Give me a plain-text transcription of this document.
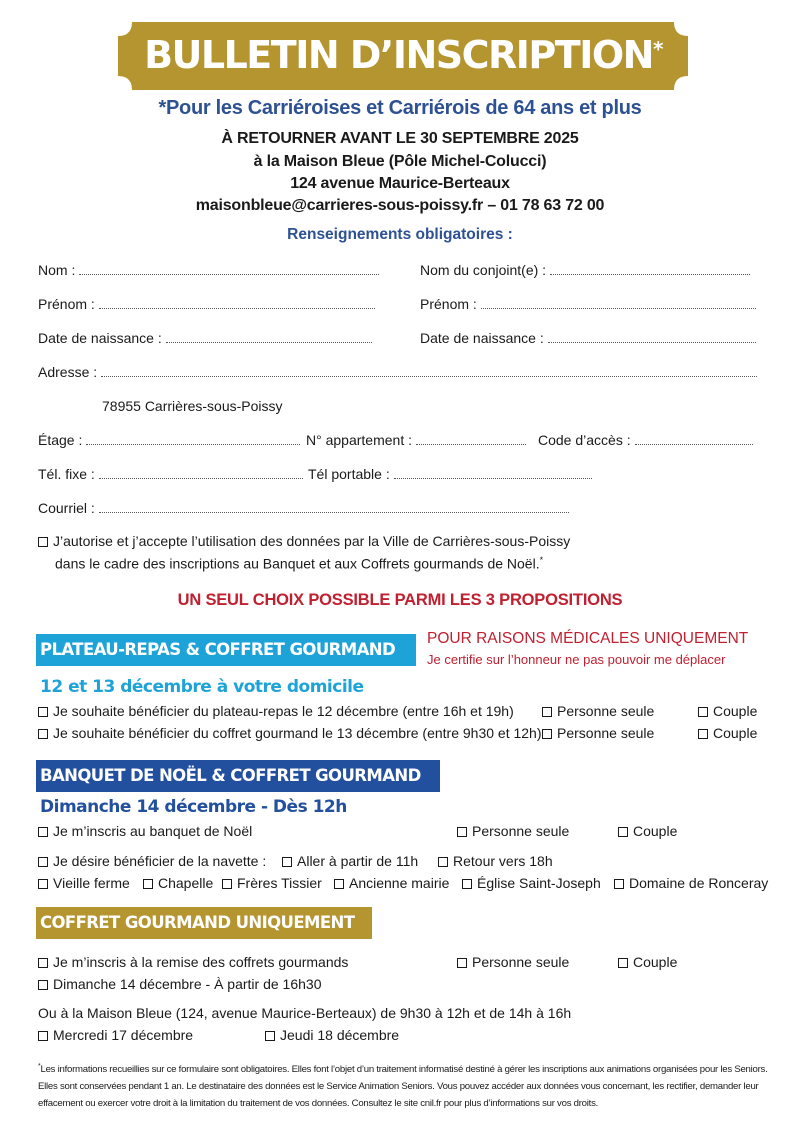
BULLETIN D’INSCRIPTION*
*Pour les Carriéroises et Carriérois de 64 ans et plus
À RETOURNER AVANT LE 30 SEPTEMBRE 2025
à la Maison Bleue (Pôle Michel-Colucci)
124 avenue Maurice-Berteaux
maisonbleue@carrieres-sous-poissy.fr – 01 78 63 72 00
Renseignements obligatoires :
Nom :	Nom du conjoint(e) :
Prénom :	Prénom :
Date de naissance :	Date de naissance :
Adresse :
78955 Carrières-sous-Poissy
Étage :	N° appartement :	Code d’accès :
Tél. fixe :	Tél portable :
Courriel :
J’autorise et j’accepte l’utilisation des données par la Ville de Carrières-sous-Poissy
dans le cadre des inscriptions au Banquet et aux Coffrets gourmands de Noël.*
UN SEUL CHOIX POSSIBLE PARMI LES 3 PROPOSITIONS
PLATEAU-REPAS & COFFRET GOURMAND
POUR RAISONS MÉDICALES UNIQUEMENT
Je certifie sur l’honneur ne pas pouvoir me déplacer
12 et 13 décembre à votre domicile
Je souhaite bénéficier du plateau-repas le 12 décembre (entre 16h et 19h)	Personne seule	Couple
Je souhaite bénéficier du coffret gourmand le 13 décembre (entre 9h30 et 12h)	Personne seule	Couple
BANQUET DE NOËL & COFFRET GOURMAND
Dimanche 14 décembre - Dès 12h
Je m’inscris au banquet de Noël	Personne seule	Couple
Je désire bénéficier de la navette :	Aller à partir de 11h	Retour vers 18h
Vieille ferme	Chapelle	Frères Tissier	Ancienne mairie	Église Saint-Joseph	Domaine de Ronceray
COFFRET GOURMAND UNIQUEMENT
Je m’inscris à la remise des coffrets gourmands	Personne seule	Couple
Dimanche 14 décembre - À partir de 16h30
Ou à la Maison Bleue (124, avenue Maurice-Berteaux) de 9h30 à 12h et de 14h à 16h
Mercredi 17 décembre	Jeudi 18 décembre
*Les informations recueillies sur ce formulaire sont obligatoires. Elles font l’objet d’un traitement informatisé destiné à gérer les inscriptions aux animations organisées pour les Seniors. Elles sont conservées pendant 1 an. Le destinataire des données est le Service Animation Seniors. Vous pouvez accéder aux données vous concernant, les rectifier, demander leur effacement ou exercer votre droit à la limitation du traitement de vos données. Consultez le site cnil.fr pour plus d’informations sur vos droits.
